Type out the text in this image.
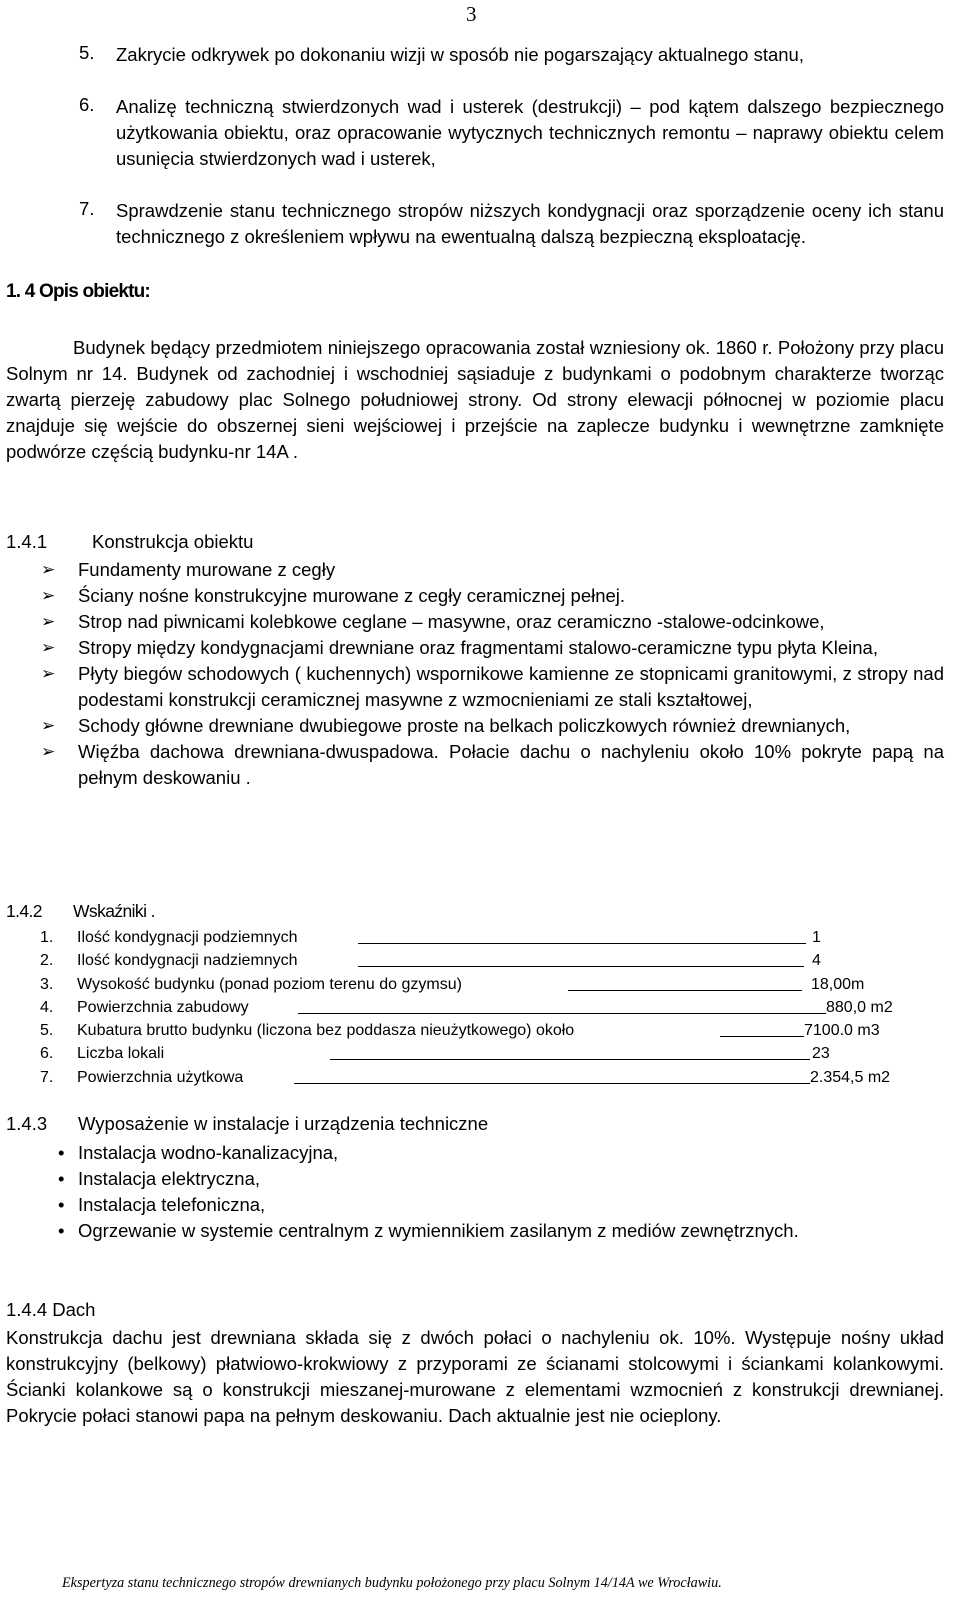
3
5. Zakrycie odkrywek po dokonaniu wizji w sposób nie pogarszający aktualnego stanu,
6. Analizę techniczną stwierdzonych wad i usterek (destrukcji) – pod kątem dalszego bezpiecznego użytkowania obiektu, oraz opracowanie wytycznych technicznych remontu – naprawy obiektu celem usunięcia stwierdzonych wad i usterek,
7. Sprawdzenie stanu technicznego stropów niższych kondygnacji oraz sporządzenie oceny ich stanu technicznego z określeniem wpływu na ewentualną dalszą bezpieczną eksploatację.
1. 4 Opis obiektu:
Budynek będący przedmiotem niniejszego opracowania został wzniesiony ok. 1860 r. Położony przy placu Solnym nr 14. Budynek od zachodniej i wschodniej sąsiaduje z budynkami o podobnym charakterze tworząc zwartą pierzeję zabudowy plac Solnego południowej strony. Od strony elewacji północnej w poziomie placu znajduje się wejście do obszernej sieni wejściowej i przejście na zaplecze budynku i wewnętrzne zamknięte podwórze częścią budynku-nr 14A .
1.4.1 Konstrukcja obiektu
➢ Fundamenty murowane z cegły
➢ Ściany nośne konstrukcyjne murowane z cegły ceramicznej pełnej.
➢ Strop nad piwnicami kolebkowe ceglane – masywne, oraz ceramiczno -stalowe-odcinkowe,
➢ Stropy między kondygnacjami drewniane oraz fragmentami stalowo-ceramiczne typu płyta Kleina,
➢ Płyty biegów schodowych ( kuchennych) wspornikowe kamienne ze stopnicami granitowymi, z stropy nad podestami konstrukcji ceramicznej masywne z wzmocnieniami ze stali kształtowej,
➢ Schody główne drewniane dwubiegowe proste na belkach policzkowych również drewnianych,
➢ Więźba dachowa drewniana-dwuspadowa. Połacie dachu o nachyleniu około 10% pokryte papą na pełnym deskowaniu .
1.4.2 Wskaźniki .
1. Ilość kondygnacji podziemnych	1
2. Ilość kondygnacji nadziemnych	4
3. Wysokość budynku (ponad poziom terenu do gzymsu)	18,00m
4. Powierzchnia zabudowy	880,0 m2
5. Kubatura brutto budynku (liczona bez poddasza nieużytkowego) około	7100.0 m3
6. Liczba lokali	23
7. Powierzchnia użytkowa	2.354,5 m2
1.4.3 Wyposażenie w instalacje i urządzenia techniczne
• Instalacja wodno-kanalizacyjna,
• Instalacja elektryczna,
• Instalacja telefoniczna,
• Ogrzewanie w systemie centralnym z wymiennikiem zasilanym z mediów zewnętrznych.
1.4.4 Dach
Konstrukcja dachu jest drewniana składa się z dwóch połaci o nachyleniu ok. 10%. Występuje nośny układ konstrukcyjny (belkowy) płatwiowo-krokwiowy z przyporami ze ścianami stolcowymi i ściankami kolankowymi. Ścianki kolankowe są o konstrukcji mieszanej-murowane z elementami wzmocnień z konstrukcji drewnianej. Pokrycie połaci stanowi papa na pełnym deskowaniu. Dach aktualnie jest nie ocieplony.
Ekspertyza stanu technicznego stropów drewnianych budynku położonego przy placu Solnym 14/14A we Wrocławiu.
